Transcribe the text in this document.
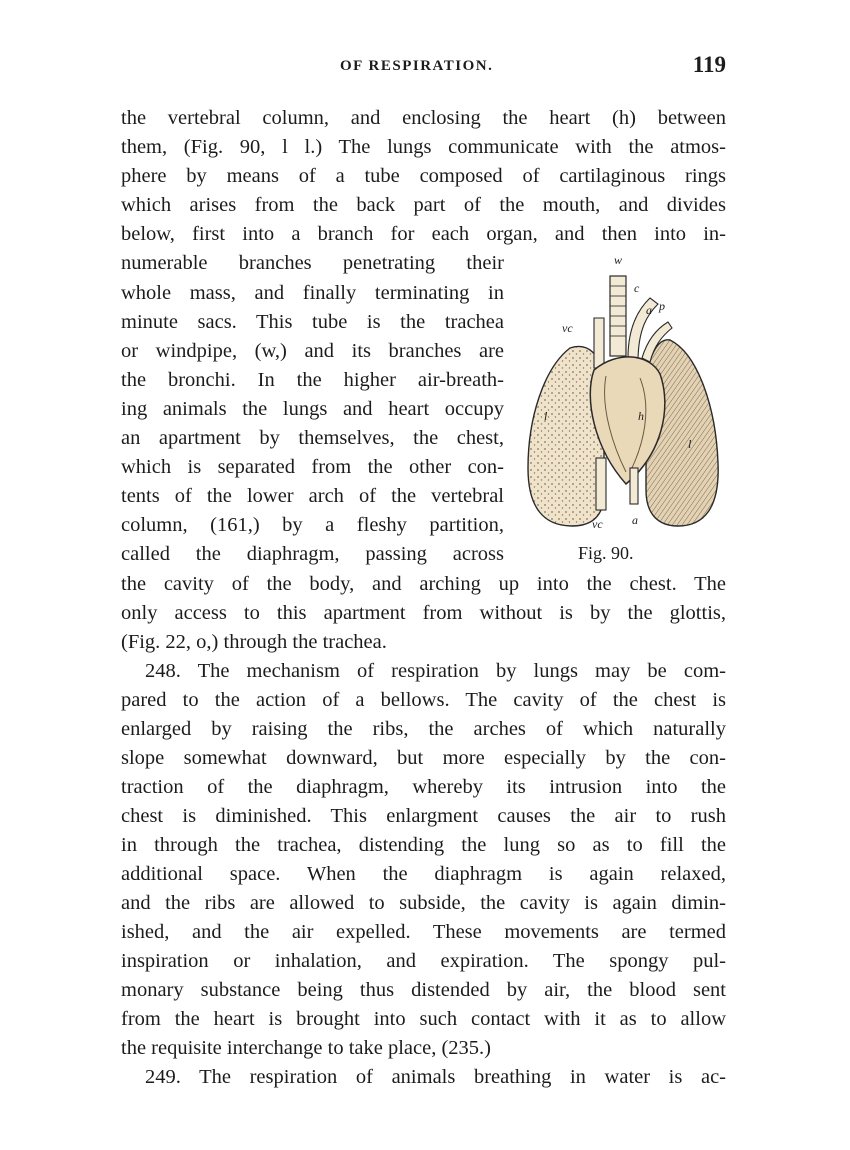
OF RESPIRATION.	119
the vertebral column, and enclosing the heart (h) between
them, (Fig. 90, l l.) The lungs communicate with the atmos-
phere by means of a tube composed of cartilaginous rings
which arises from the back part of the mouth, and divides
below, first into a branch for each organ, and then into in-
numerable branches penetrating their
whole mass, and finally terminating in
minute sacs. This tube is the trachea
or windpipe, (w,) and its branches are
the bronchi. In the higher air-breath-
ing animals the lungs and heart occupy
an apartment by themselves, the chest,
which is separated from the other con-
tents of the lower arch of the vertebral
column, (161,) by a fleshy partition,
called the diaphragm, passing across
the cavity of the body, and arching up into the chest. The
only access to this apartment from without is by the glottis,
(Fig. 22, o,) through the trachea.
248. The mechanism of respiration by lungs may be com-
pared to the action of a bellows. The cavity of the chest is
enlarged by raising the ribs, the arches of which naturally
slope somewhat downward, but more especially by the con-
traction of the diaphragm, whereby its intrusion into the
chest is diminished. This enlargment causes the air to rush
in through the trachea, distending the lung so as to fill the
additional space. When the diaphragm is again relaxed,
and the ribs are allowed to subside, the cavity is again dimin-
ished, and the air expelled. These movements are termed
inspiration or inhalation, and expiration. The spongy pul-
monary substance being thus distended by air, the blood sent
from the heart is brought into such contact with it as to allow
the requisite interchange to take place, (235.)
249. The respiration of animals breathing in water is ac-
w
c
a p
vc
l	h
l
vc a
Fig. 90.
